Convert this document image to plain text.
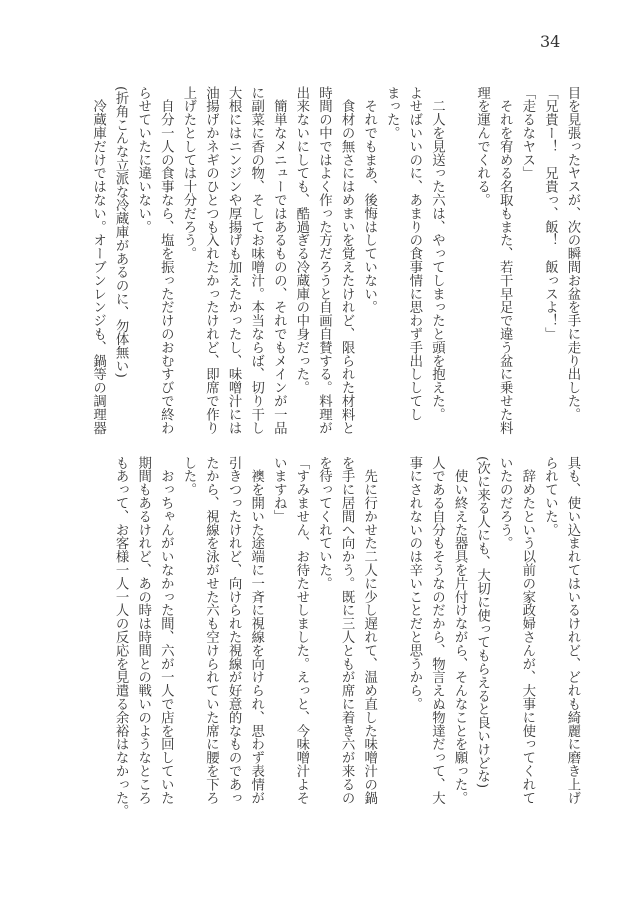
34
目を見張ったヤスが、次の瞬間お盆を手に走り出した。
「兄貴ー！　兄貴っ、飯！　飯っスよ！」
「走るなヤス」
　それを宥める名取もまた、若干早足で違う盆に乗せた料
理を運んでくれる。
　二人を見送った六は、やってしまったと頭を抱えた。
よせばいいのに、あまりの食事情に思わず手出ししてし
まった。
　それでもまあ、後悔はしていない。
　食材の無さにはめまいを覚えたけれど、限られた材料と
時間の中ではよく作った方だろうと自画自賛する。料理が
出来ないにしても、酷過ぎる冷蔵庫の中身だった。
　簡単なメニューではあるものの、それでもメインが一品
に副菜に香の物、そしてお味噌汁。本当ならば、切り干し
大根にはニンジンや厚揚げも加えたかったし、味噌汁には
油揚げかネギのひとつも入れたかったけれど、即席で作り
上げたとしては十分だろう。
　自分一人の食事なら、塩を振っただけのおむすびで終わ
らせていたに違いない。
(折角こんな立派な冷蔵庫があるのに、勿体無い)
　冷蔵庫だけではない。オーブンレンジも、鍋等の調理器
具も、使い込まれてはいるけれど、どれも綺麗に磨き上げ
られていた。
　辞めたという以前の家政婦さんが、大事に使ってくれて
いたのだろう。
(次に来る人にも、大切に使ってもらえると良いけどな)
　使い終えた器具を片付けながら、そんなことを願った。
人である自分もそうなのだから、物言えぬ物達だって、大
事にされないのは辛いことだと思うから。
　先に行かせた二人に少し遅れて、温め直した味噌汁の鍋
を手に居間へ向かう。既に三人ともが席に着き六が来るの
を待ってくれていた。
「すみません、お待たせしました。えっと、今味噌汁よそ
いますね」
　襖を開いた途端に一斉に視線を向けられ、思わず表情が
引きつったけれど、向けられた視線が好意的なものであっ
たから、視線を泳がせた六も空けられていた席に腰を下ろ
した。
　おっちゃんがいなかった間、六が一人で店を回していた
期間もあるけれど、あの時は時間との戦いのようなところ
もあって、お客様一人一人の反応を見遣る余裕はなかった。
